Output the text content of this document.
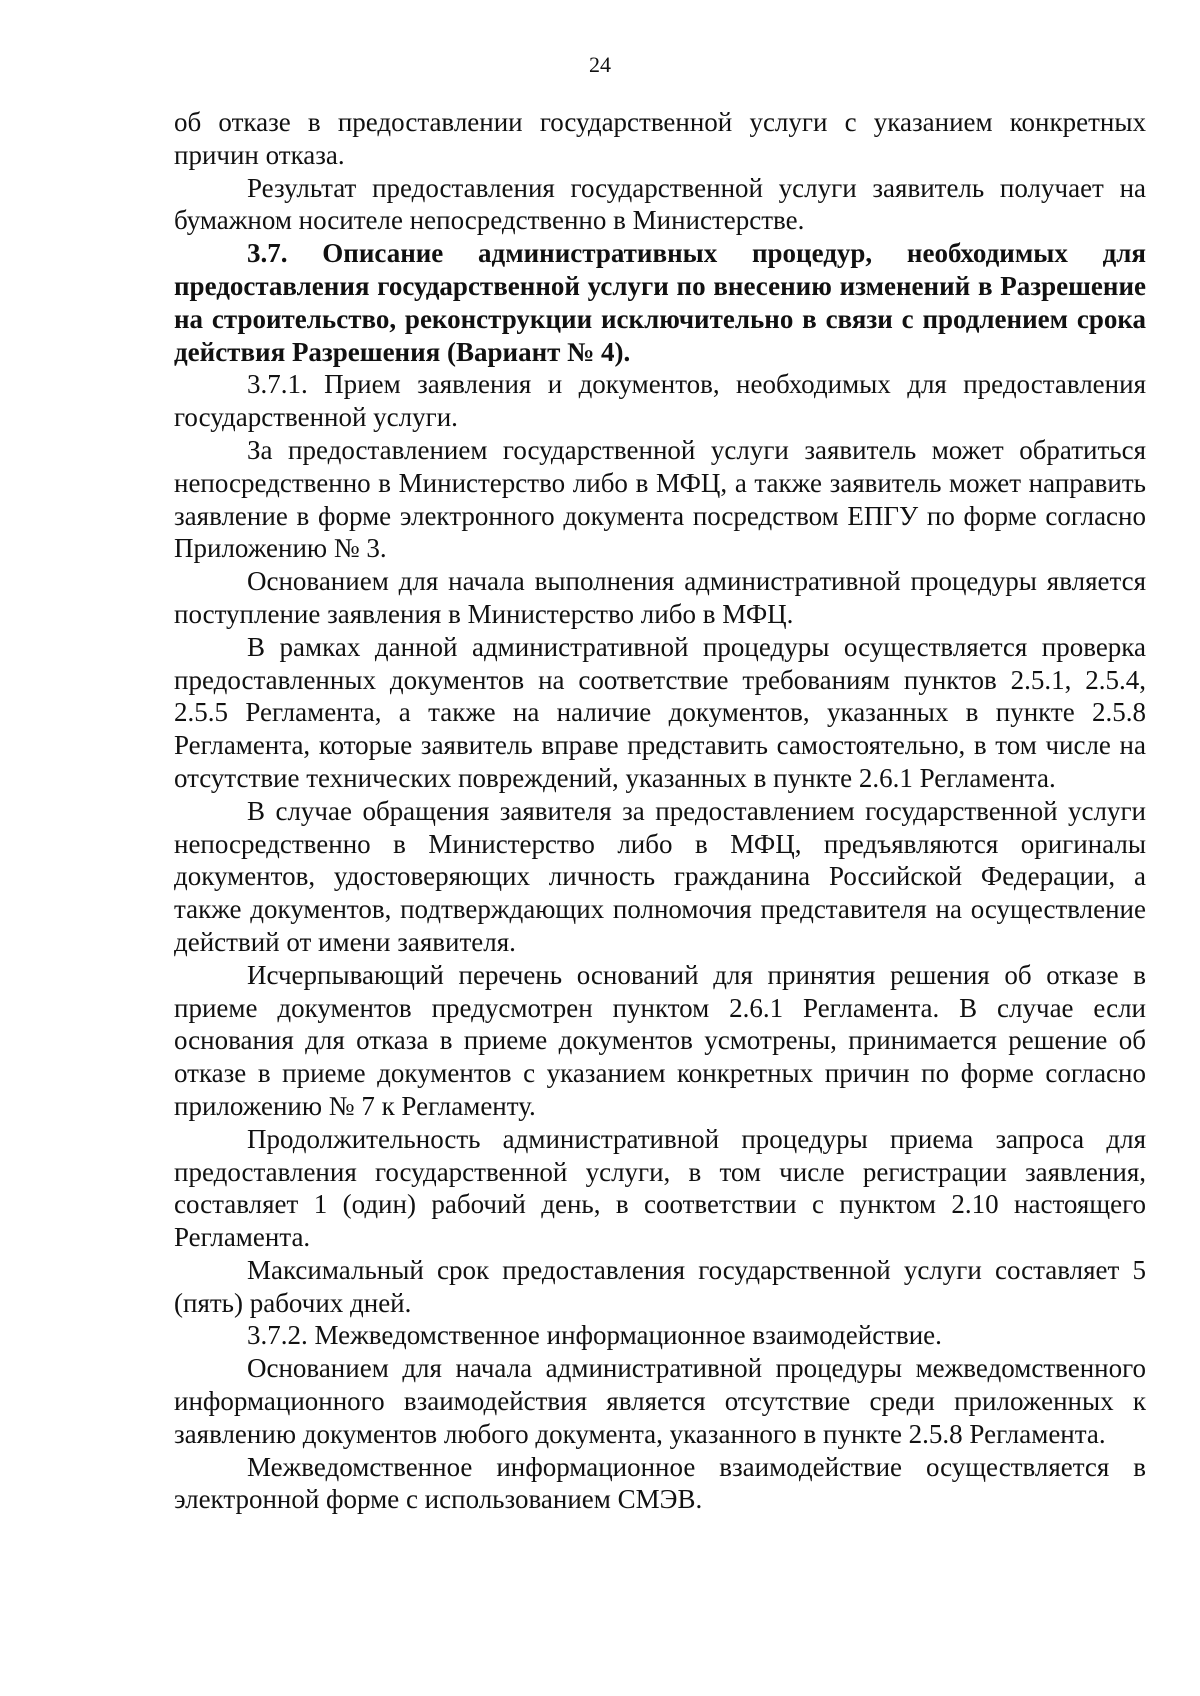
24

об отказе в предоставлении государственной услуги с указанием конкретных причин отказа.

Результат предоставления государственной услуги заявитель получает на бумажном носителе непосредственно в Министерстве.

3.7. Описание административных процедур, необходимых для предоставления государственной услуги по внесению изменений в Разрешение на строительство, реконструкции исключительно в связи с продлением срока действия Разрешения (Вариант № 4).

3.7.1. Прием заявления и документов, необходимых для предоставления государственной услуги.

За предоставлением государственной услуги заявитель может обратиться непосредственно в Министерство либо в МФЦ, а также заявитель может направить заявление в форме электронного документа посредством ЕПГУ по форме согласно Приложению № 3.

Основанием для начала выполнения административной процедуры является поступление заявления в Министерство либо в МФЦ.

В рамках данной административной процедуры осуществляется проверка предоставленных документов на соответствие требованиям пунктов 2.5.1, 2.5.4, 2.5.5 Регламента, а также на наличие документов, указанных в пункте 2.5.8 Регламента, которые заявитель вправе представить самостоятельно, в том числе на отсутствие технических повреждений, указанных в пункте 2.6.1 Регламента.

В случае обращения заявителя за предоставлением государственной услуги непосредственно в Министерство либо в МФЦ, предъявляются оригиналы документов, удостоверяющих личность гражданина Российской Федерации, а также документов, подтверждающих полномочия представителя на осуществление действий от имени заявителя.

Исчерпывающий перечень оснований для принятия решения об отказе в приеме документов предусмотрен пунктом 2.6.1 Регламента. В случае если основания для отказа в приеме документов усмотрены, принимается решение об отказе в приеме документов с указанием конкретных причин по форме согласно приложению № 7 к Регламенту.

Продолжительность административной процедуры приема запроса для предоставления государственной услуги, в том числе регистрации заявления, составляет 1 (один) рабочий день, в соответствии с пунктом 2.10 настоящего Регламента.

Максимальный срок предоставления государственной услуги составляет 5 (пять) рабочих дней.

3.7.2. Межведомственное информационное взаимодействие.

Основанием для начала административной процедуры межведомственного информационного взаимодействия является отсутствие среди приложенных к заявлению документов любого документа, указанного в пункте 2.5.8 Регламента.

Межведомственное информационное взаимодействие осуществляется в электронной форме с использованием СМЭВ.
